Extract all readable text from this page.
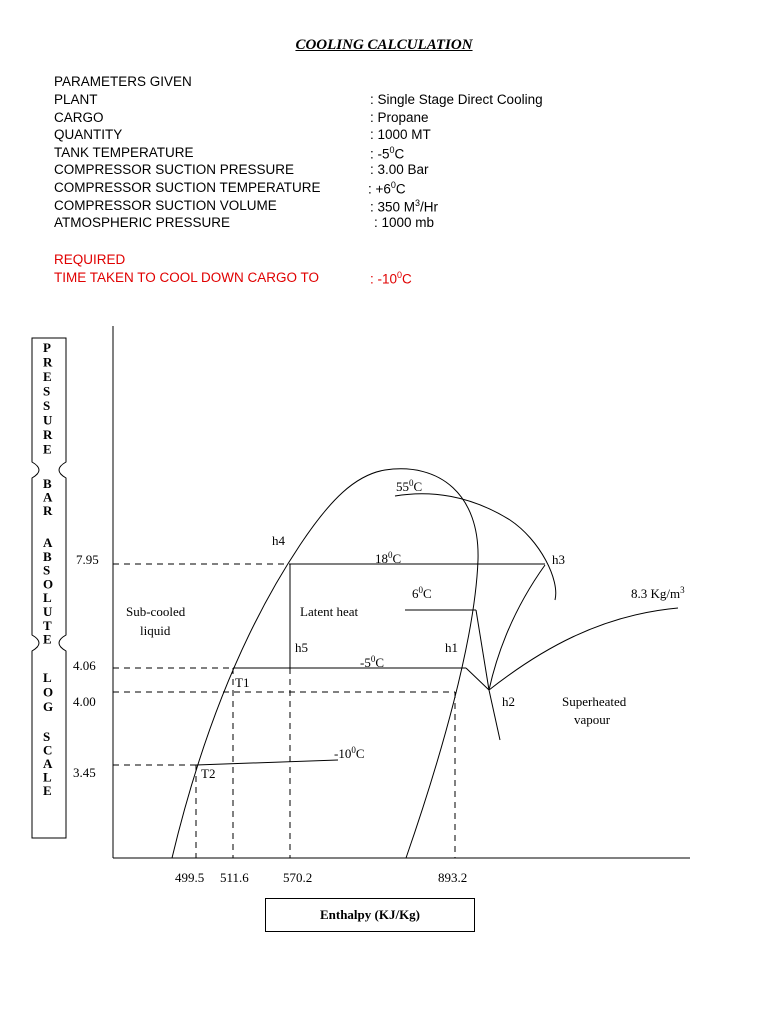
COOLING CALCULATION
PARAMETERS GIVEN
PLANT	: Single Stage Direct Cooling
CARGO	: Propane
QUANTITY	: 1000 MT
TANK TEMPERATURE	: $-5^0C$
COMPRESSOR SUCTION PRESSURE	: 3.00 Bar
COMPRESSOR SUCTION TEMPERATURE	: $+6^0C$
COMPRESSOR SUCTION VOLUME	: 350 $M^3/Hr$
ATMOSPHERIC PRESSURE	: 1000 mb
REQUIRED
TIME TAKEN TO COOL DOWN CARGO TO	: $-10^0C$
P
R
E
S
S
U
R
E
B
A
R
A
B
S
O
L
U
T
E
L
O
G
S
C
A
L
E
7.95
4.06
4.00
3.45
499.5 511.6	570.2	893.2
h4
h3
h5	h1
h2
T1
T2
$55^0C$
$18^0C$
$6^0C$
$-5^0C$
$-10^0C$
8.3 $Kg/m^3$
Sub-cooled
liquid
Latent heat
Superheated
vapour
Enthalpy (KJ/Kg)
